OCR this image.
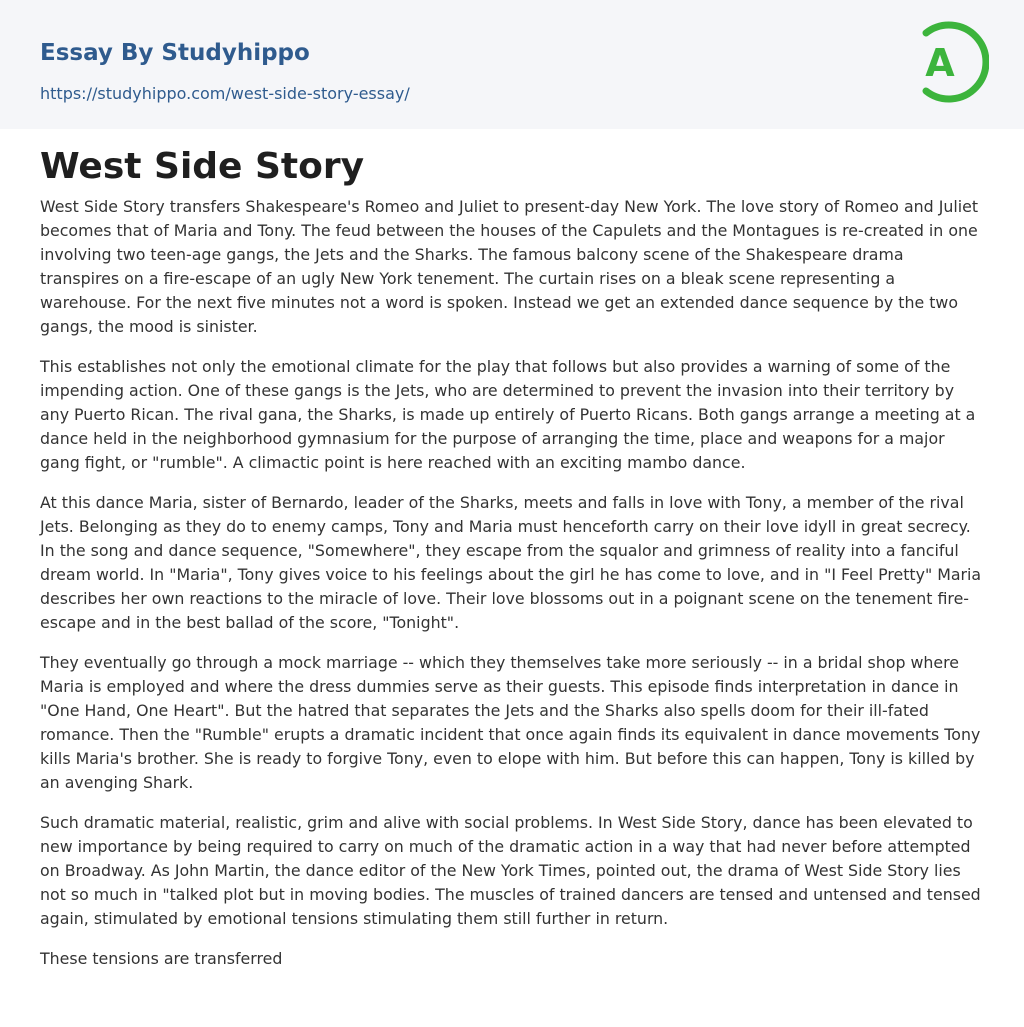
Essay By Studyhippo
https://studyhippo.com/west-side-story-essay/
A
West Side Story

West Side Story transfers Shakespeare's Romeo and Juliet to present-day New York. The love story of Romeo and Juliet becomes that of Maria and Tony. The feud between the houses of the Capulets and the Montagues is re-created in one involving two teen-age gangs, the Jets and the Sharks. The famous balcony scene of the Shakespeare drama transpires on a fire-escape of an ugly New York tenement. The curtain rises on a bleak scene representing a warehouse. For the next five minutes not a word is spoken. Instead we get an extended dance sequence by the two gangs, the mood is sinister.

This establishes not only the emotional climate for the play that follows but also provides a warning of some of the impending action. One of these gangs is the Jets, who are determined to prevent the invasion into their territory by any Puerto Rican. The rival gana, the Sharks, is made up entirely of Puerto Ricans. Both gangs arrange a meeting at a dance held in the neighborhood gymnasium for the purpose of arranging the time, place and weapons for a major gang fight, or "rumble". A climactic point is here reached with an exciting mambo dance.

At this dance Maria, sister of Bernardo, leader of the Sharks, meets and falls in love with Tony, a member of the rival Jets. Belonging as they do to enemy camps, Tony and Maria must henceforth carry on their love idyll in great secrecy. In the song and dance sequence, "Somewhere", they escape from the squalor and grimness of reality into a fanciful dream world. In "Maria", Tony gives voice to his feelings about the girl he has come to love, and in "I Feel Pretty" Maria describes her own reactions to the miracle of love. Their love blossoms out in a poignant scene on the tenement fire-escape and in the best ballad of the score, "Tonight".

They eventually go through a mock marriage -- which they themselves take more seriously -- in a bridal shop where Maria is employed and where the dress dummies serve as their guests. This episode finds interpretation in dance in "One Hand, One Heart". But the hatred that separates the Jets and the Sharks also spells doom for their ill-fated romance. Then the "Rumble" erupts a dramatic incident that once again finds its equivalent in dance movements Tony kills Maria's brother. She is ready to forgive Tony, even to elope with him. But before this can happen, Tony is killed by an avenging Shark.

Such dramatic material, realistic, grim and alive with social problems. In West Side Story, dance has been elevated to new importance by being required to carry on much of the dramatic action in a way that had never before attempted on Broadway. As John Martin, the dance editor of the New York Times, pointed out, the drama of West Side Story lies not so much in "talked plot but in moving bodies. The muscles of trained dancers are tensed and untensed and tensed again, stimulated by emotional tensions stimulating them still further in return.

These tensions are transferred
